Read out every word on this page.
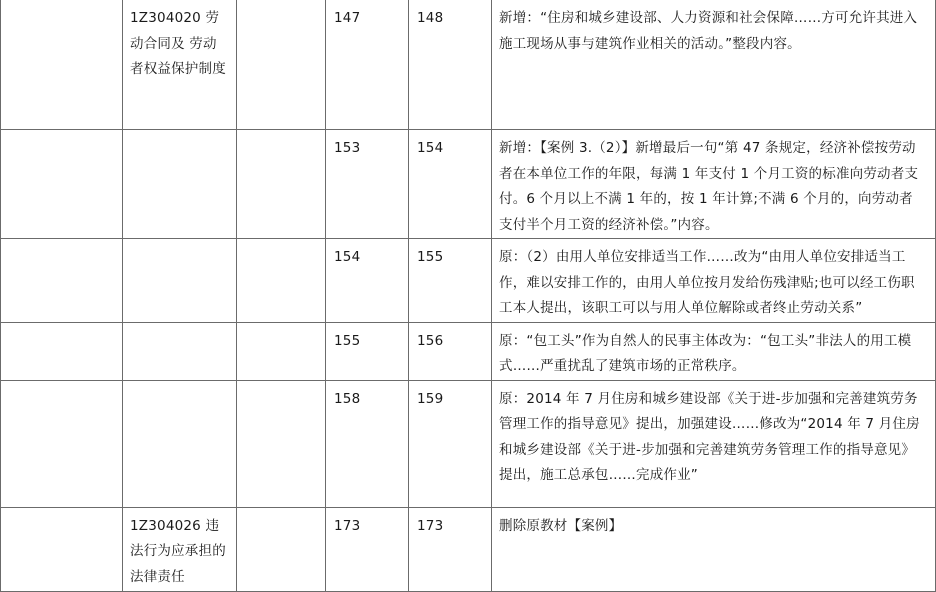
	1Z304020 劳动合同及 劳动者权益保护制度		147	148	新增：“住房和城乡建设部、人力资源和社会保障……方可允许其进入施工现场从事与建筑作业相关的活动。”整段内容。
			153	154	新增：【案例 3.（2）】新增最后一句“第 47 条规定，经济补偿按劳动者在本单位工作的年限，每满 1 年支付 1 个月工资的标准向劳动者支付。6 个月以上不满 1 年的，按 1 年计算;不满 6 个月的，向劳动者支付半个月工资的经济补偿。”内容。
			154	155	原：（2）由用人单位安排适当工作……改为“由用人单位安排适当工作，难以安排工作的，由用人单位按月发给伤残津贴;也可以经工伤职工本人提出，该职工可以与用人单位解除或者终止劳动关系”
			155	156	原：“包工头”作为自然人的民事主体改为：“包工头”非法人的用工模式……严重扰乱了建筑市场的正常秩序。
			158	159	原：2014 年 7 月住房和城乡建设部《关于进-步加强和完善建筑劳务管理工作的指导意见》提出，加强建设……修改为“2014 年 7 月住房和城乡建设部《关于进-步加强和完善建筑劳务管理工作的指导意见》提出，施工总承包……完成作业”
	1Z304026 违法行为应承担的法律责任		173	173	删除原教材【案例】
